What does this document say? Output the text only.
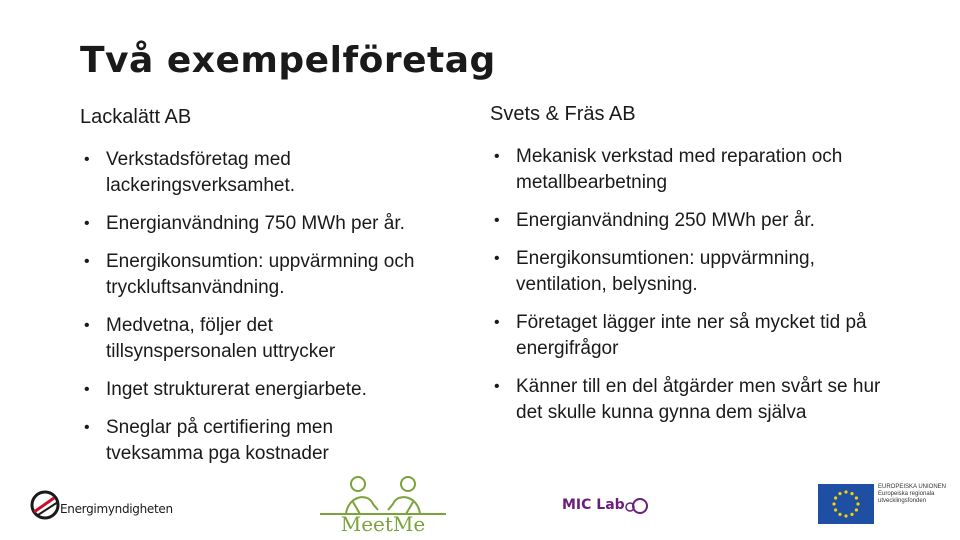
Två exempelföretag
Lackalätt AB
• Verkstadsföretag med lackeringsverksamhet.
• Energianvändning 750 MWh per år.
• Energikonsumtion: uppvärmning och tryckluftsanvändning.
• Medvetna, följer det tillsynspersonalen uttrycker
• Inget strukturerat energiarbete.
• Sneglar på certifiering men tveksamma pga kostnader
Svets & Fräs AB
• Mekanisk verkstad med reparation och metallbearbetning
• Energianvändning 250 MWh per år.
• Energikonsumtionen: uppvärmning, ventilation, belysning.
• Företaget lägger inte ner så mycket tid på energifrågor
• Känner till en del åtgärder men svårt se hur det skulle kunna gynna dem själva
Energimyndigheten
MeetMe
MIC Lab
EUROPEISKA UNIONEN Europeiska regionala utvecklingsfonden
